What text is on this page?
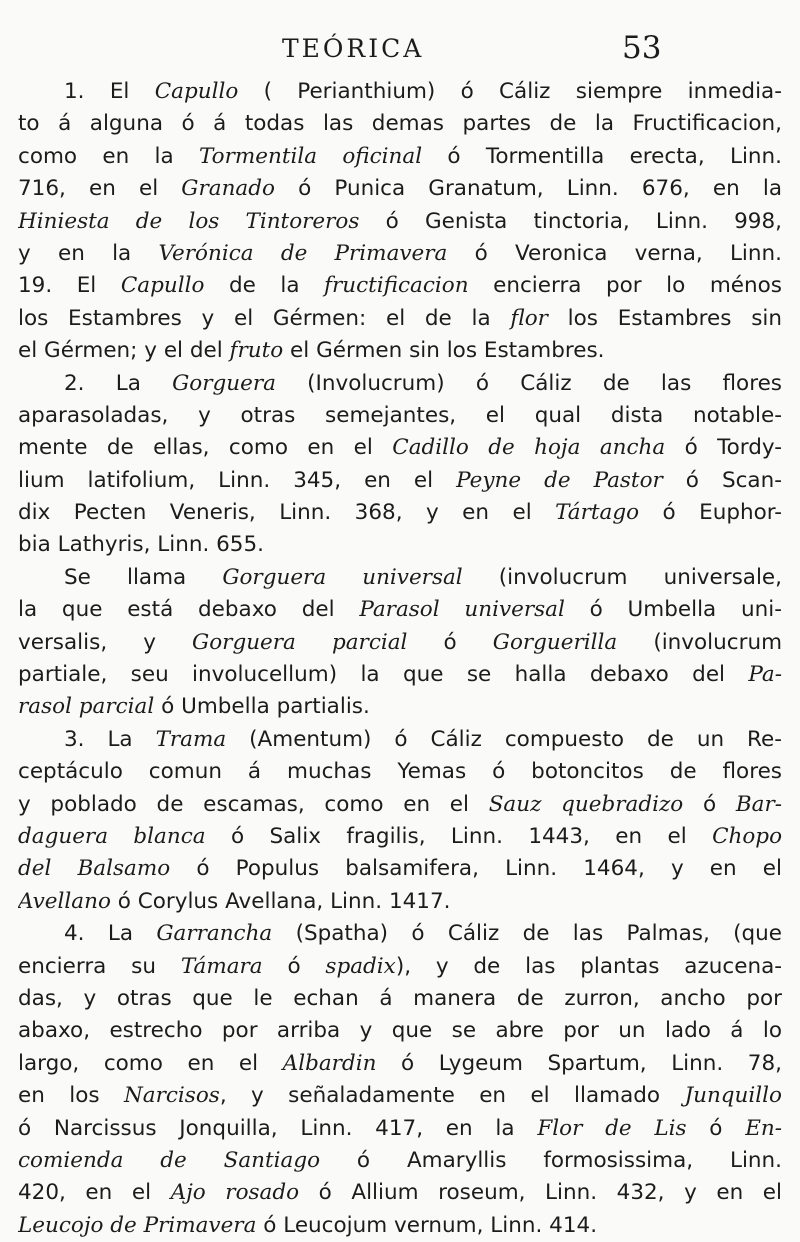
TEÓRICA	53
1. El Capullo ( Perianthium) ó Cáliz siempre inmedia-
to á alguna ó á todas las demas partes de la Fructificacion,
como en la Tormentila oficinal ó Tormentilla erecta, Linn.
716, en el Granado ó Punica Granatum, Linn. 676, en la
Hiniesta de los Tintoreros ó Genista tinctoria, Linn. 998,
y en la Verónica de Primavera ó Veronica verna, Linn.
19. El Capullo de la fructificacion encierra por lo ménos
los Estambres y el Gérmen: el de la flor los Estambres sin
el Gérmen; y el del fruto el Gérmen sin los Estambres.
2. La Gorguera (Involucrum) ó Cáliz de las flores
aparasoladas, y otras semejantes, el qual dista notable-
mente de ellas, como en el Cadillo de hoja ancha ó Tordy-
lium latifolium, Linn. 345, en el Peyne de Pastor ó Scan-
dix Pecten Veneris, Linn. 368, y en el Tártago ó Euphor-
bia Lathyris, Linn. 655.
Se llama Gorguera universal (involucrum universale,
la que está debaxo del Parasol universal ó Umbella uni-
versalis, y Gorguera parcial ó Gorguerilla (involucrum
partiale, seu involucellum) la que se halla debaxo del Pa-
rasol parcial ó Umbella partialis.
3. La Trama (Amentum) ó Cáliz compuesto de un Re-
ceptáculo comun á muchas Yemas ó botoncitos de flores
y poblado de escamas, como en el Sauz quebradizo ó Bar-
daguera blanca ó Salix fragilis, Linn. 1443, en el Chopo
del Balsamo ó Populus balsamifera, Linn. 1464, y en el
Avellano ó Corylus Avellana, Linn. 1417.
4. La Garrancha (Spatha) ó Cáliz de las Palmas, (que
encierra su Támara ó spadix), y de las plantas azucena-
das, y otras que le echan á manera de zurron, ancho por
abaxo, estrecho por arriba y que se abre por un lado á lo
largo, como en el Albardin ó Lygeum Spartum, Linn. 78,
en los Narcisos, y señaladamente en el llamado Junquillo
ó Narcissus Jonquilla, Linn. 417, en la Flor de Lis ó En-
comienda de Santiago ó Amaryllis formosissima, Linn.
420, en el Ajo rosado ó Allium roseum, Linn. 432, y en el
Leucojo de Primavera ó Leucojum vernum, Linn. 414.
